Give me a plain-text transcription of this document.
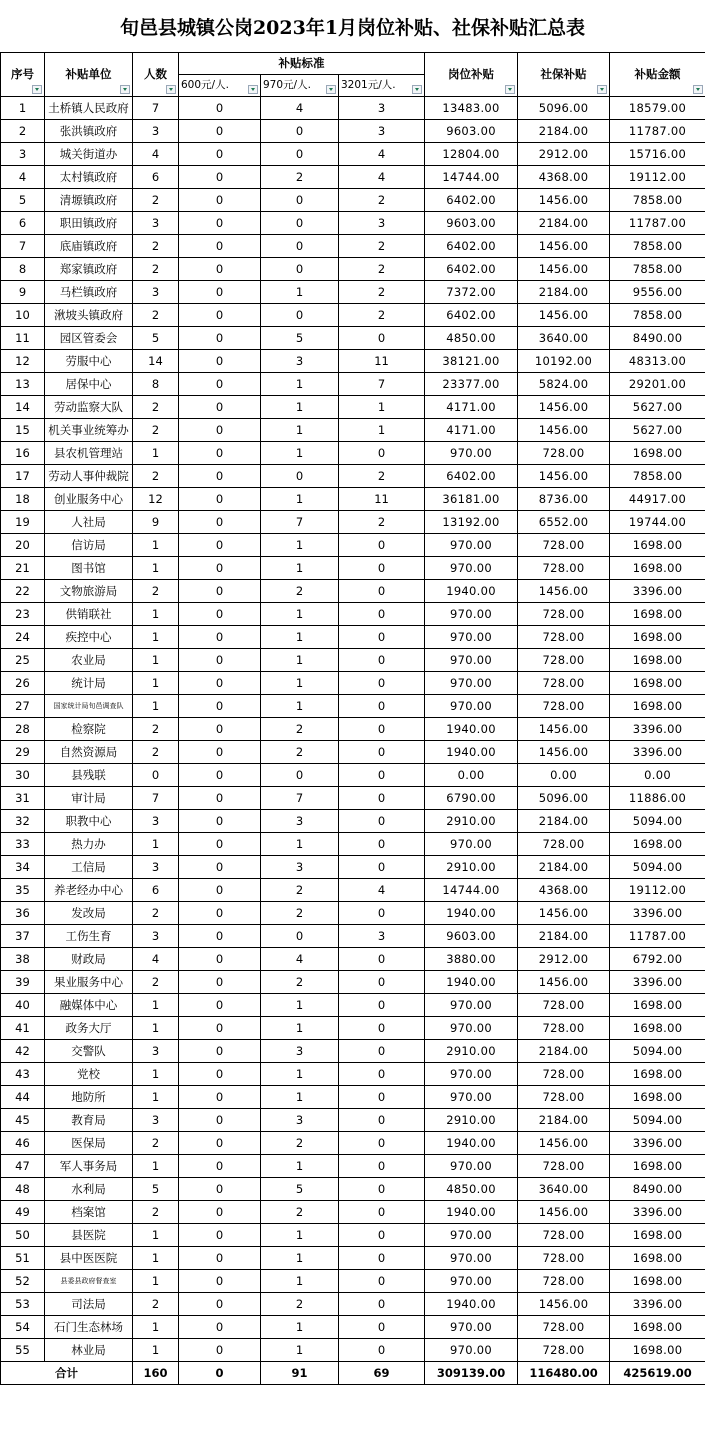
旬邑县城镇公岗2023年1月岗位补贴、社保补贴汇总表
序号	补贴单位	人数	补贴标准			岗位补贴	社保补贴	补贴金额

			600元/人.	970元/人.	3201元/人.			

1	土桥镇人民政府	7	0	4	3	13483.00	5096.00	18579.00
2	张洪镇政府	3	0	0	3	9603.00	2184.00	11787.00
3	城关街道办	4	0	0	4	12804.00	2912.00	15716.00
4	太村镇政府	6	0	2	4	14744.00	4368.00	19112.00
5	清塬镇政府	2	0	0	2	6402.00	1456.00	7858.00
6	职田镇政府	3	0	0	3	9603.00	2184.00	11787.00
7	底庙镇政府	2	0	0	2	6402.00	1456.00	7858.00
8	郑家镇政府	2	0	0	2	6402.00	1456.00	7858.00
9	马栏镇政府	3	0	1	2	7372.00	2184.00	9556.00
10	湫坡头镇政府	2	0	0	2	6402.00	1456.00	7858.00
11	园区管委会	5	0	5	0	4850.00	3640.00	8490.00
12	劳服中心	14	0	3	11	38121.00	10192.00	48313.00
13	居保中心	8	0	1	7	23377.00	5824.00	29201.00
14	劳动监察大队	2	0	1	1	4171.00	1456.00	5627.00
15	机关事业统筹办	2	0	1	1	4171.00	1456.00	5627.00
16	县农机管理站	1	0	1	0	970.00	728.00	1698.00
17	劳动人事仲裁院	2	0	0	2	6402.00	1456.00	7858.00
18	创业服务中心	12	0	1	11	36181.00	8736.00	44917.00
19	人社局	9	0	7	2	13192.00	6552.00	19744.00
20	信访局	1	0	1	0	970.00	728.00	1698.00
21	图书馆	1	0	1	0	970.00	728.00	1698.00
22	文物旅游局	2	0	2	0	1940.00	1456.00	3396.00
23	供销联社	1	0	1	0	970.00	728.00	1698.00
24	疾控中心	1	0	1	0	970.00	728.00	1698.00
25	农业局	1	0	1	0	970.00	728.00	1698.00
26	统计局	1	0	1	0	970.00	728.00	1698.00
27	国家统计局旬邑调查队	1	0	1	0	970.00	728.00	1698.00
28	检察院	2	0	2	0	1940.00	1456.00	3396.00
29	自然资源局	2	0	2	0	1940.00	1456.00	3396.00
30	县残联	0	0	0	0	0.00	0.00	0.00
31	审计局	7	0	7	0	6790.00	5096.00	11886.00
32	职教中心	3	0	3	0	2910.00	2184.00	5094.00
33	热力办	1	0	1	0	970.00	728.00	1698.00
34	工信局	3	0	3	0	2910.00	2184.00	5094.00
35	养老经办中心	6	0	2	4	14744.00	4368.00	19112.00
36	发改局	2	0	2	0	1940.00	1456.00	3396.00
37	工伤生育	3	0	0	3	9603.00	2184.00	11787.00
38	财政局	4	0	4	0	3880.00	2912.00	6792.00
39	果业服务中心	2	0	2	0	1940.00	1456.00	3396.00
40	融媒体中心	1	0	1	0	970.00	728.00	1698.00
41	政务大厅	1	0	1	0	970.00	728.00	1698.00
42	交警队	3	0	3	0	2910.00	2184.00	5094.00
43	党校	1	0	1	0	970.00	728.00	1698.00
44	地防所	1	0	1	0	970.00	728.00	1698.00
45	教育局	3	0	3	0	2910.00	2184.00	5094.00
46	医保局	2	0	2	0	1940.00	1456.00	3396.00
47	军人事务局	1	0	1	0	970.00	728.00	1698.00
48	水利局	5	0	5	0	4850.00	3640.00	8490.00
49	档案馆	2	0	2	0	1940.00	1456.00	3396.00
50	县医院	1	0	1	0	970.00	728.00	1698.00
51	县中医医院	1	0	1	0	970.00	728.00	1698.00
52	县委县政府督查室	1	0	1	0	970.00	728.00	1698.00
53	司法局	2	0	2	0	1940.00	1456.00	3396.00
54	石门生态林场	1	0	1	0	970.00	728.00	1698.00
55	林业局	1	0	1	0	970.00	728.00	1698.00
合计		160	0	91	69	309139.00	116480.00	425619.00
